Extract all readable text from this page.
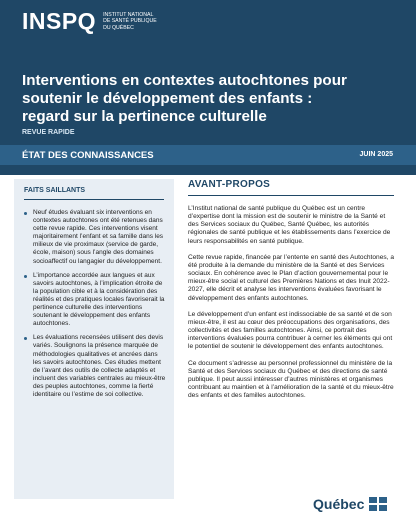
INSPQ INSTITUT NATIONAL
DE SANTÉ PUBLIQUE
DU QUÉBEC
Interventions en contextes autochtones pour
soutenir le développement des enfants :
regard sur la pertinence culturelle
REVUE RAPIDE
ÉTAT DES CONNAISSANCES	JUIN 2025
FAITS SAILLANTS
Neuf études évaluant six interventions en contextes autochtones ont été retenues dans cette revue rapide. Ces interventions visent majoritairement l’enfant et sa famille dans les milieux de vie proximaux (service de garde, école, maison) sous l’angle des domaines socioaffectif ou langagier du développement.
L’importance accordée aux langues et aux savoirs autochtones, à l’implication étroite de la population cible et à la considération des réalités et des pratiques locales favoriserait la pertinence culturelle des interventions soutenant le développement des enfants autochtones.
Les évaluations recensées utilisent des devis variés. Soulignons la présence marquée de méthodologies qualitatives et ancrées dans les savoirs autochtones. Ces études mettent de l’avant des outils de collecte adaptés et incluent des variables centrales au mieux-être des peuples autochtones, comme la fierté identitaire ou l’estime de soi collective.
AVANT-PROPOS

L’Institut national de santé publique du Québec est un centre d’expertise dont la mission est de soutenir le ministre de la Santé et des Services sociaux du Québec, Santé Québec, les autorités régionales de santé publique et les établissements dans l’exercice de leurs responsabilités en santé publique.

Cette revue rapide, financée par l’entente en santé des Autochtones, a été produite à la demande du ministère de la Santé et des Services sociaux. En cohérence avec le Plan d’action gouvernemental pour le mieux-être social et culturel des Premières Nations et des Inuit 2022-2027, elle décrit et analyse les interventions évaluées favorisant le développement des enfants autochtones.

Le développement d’un enfant est indissociable de sa santé et de son mieux-être, il est au cœur des préoccupations des organisations, des collectivités et des familles autochtones. Ainsi, ce portrait des interventions évaluées pourra contribuer à cerner les éléments qui ont le potentiel de soutenir le développement des enfants autochtones.

Ce document s’adresse au personnel professionnel du ministère de la Santé et des Services sociaux du Québec et des directions de santé publique. Il peut aussi intéresser d’autres ministères et organismes contribuant au maintien et à l’amélioration de la santé et du mieux-être des enfants et des familles autochtones.

Québec
